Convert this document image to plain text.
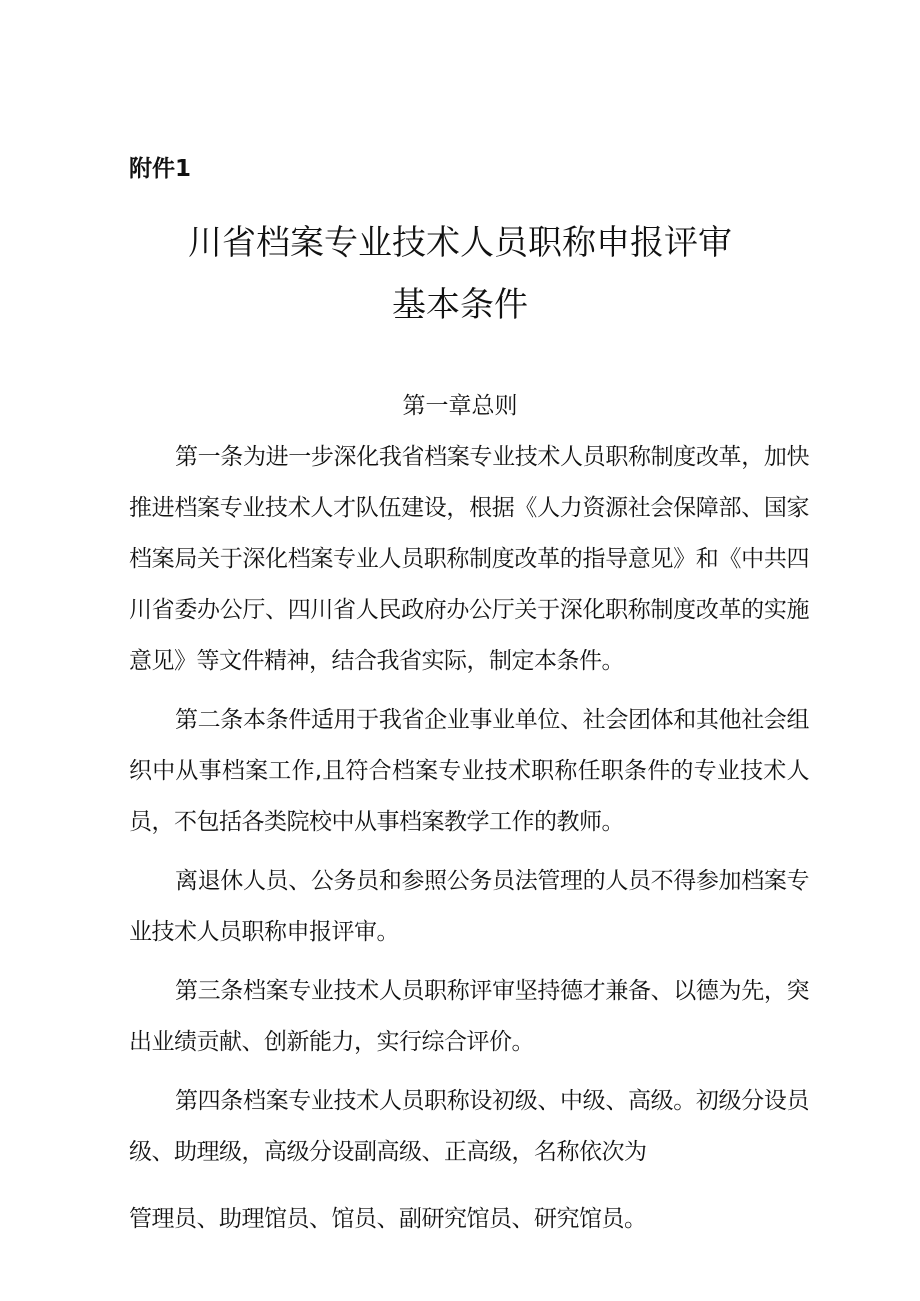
附件1

川省档案专业技术人员职称申报评审
基本条件

第一章总则

第一条为进一步深化我省档案专业技术人员职称制度改革，加快推进档案专业技术人才队伍建设，根据《人力资源社会保障部、国家档案局关于深化档案专业人员职称制度改革的指导意见》和《中共四川省委办公厅、四川省人民政府办公厅关于深化职称制度改革的实施意见》等文件精神，结合我省实际，制定本条件。

第二条本条件适用于我省企业事业单位、社会团体和其他社会组织中从事档案工作,且符合档案专业技术职称任职条件的专业技术人员，不包括各类院校中从事档案教学工作的教师。

离退休人员、公务员和参照公务员法管理的人员不得参加档案专业技术人员职称申报评审。

第三条档案专业技术人员职称评审坚持德才兼备、以德为先，突出业绩贡献、创新能力，实行综合评价。

第四条档案专业技术人员职称设初级、中级、高级。初级分设员级、助理级，高级分设副高级、正高级，名称依次为

管理员、助理馆员、馆员、副研究馆员、研究馆员。
